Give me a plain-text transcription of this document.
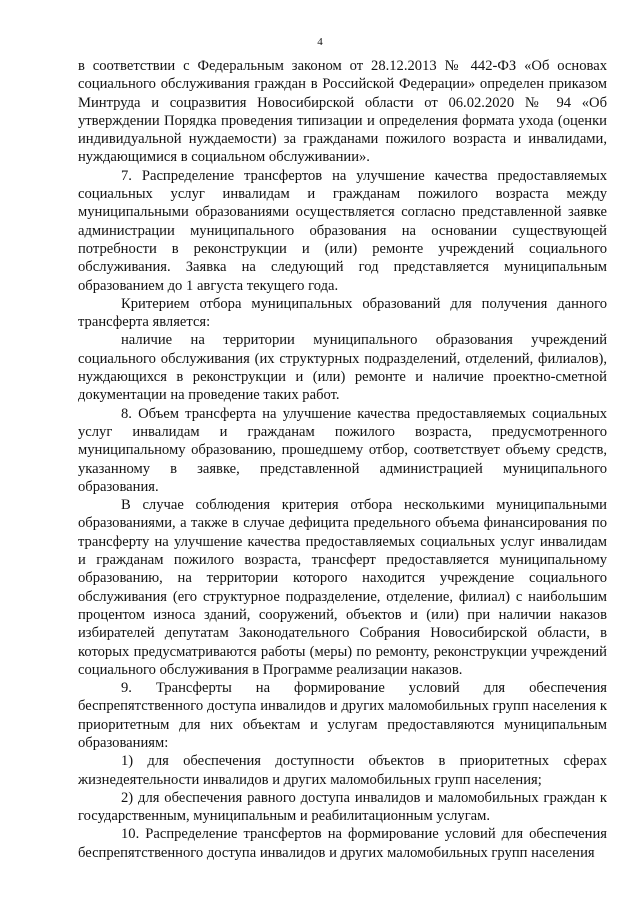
4

в соответствии с Федеральным законом от 28.12.2013 № 442-ФЗ «Об основах социального обслуживания граждан в Российской Федерации» определен приказом Минтруда и соцразвития Новосибирской области от 06.02.2020 № 94 «Об утверждении Порядка проведения типизации и определения формата ухода (оценки индивидуальной нуждаемости) за гражданами пожилого возраста и инвалидами, нуждающимися в социальном обслуживании».

7. Распределение трансфертов на улучшение качества предоставляемых социальных услуг инвалидам и гражданам пожилого возраста между муниципальными образованиями осуществляется согласно представленной заявке администрации муниципального образования на основании существующей потребности в реконструкции и (или) ремонте учреждений социального обслуживания. Заявка на следующий год представляется муниципальным образованием до 1 августа текущего года.

Критерием отбора муниципальных образований для получения данного трансферта является:

наличие на территории муниципального образования учреждений социального обслуживания (их структурных подразделений, отделений, филиалов), нуждающихся в реконструкции и (или) ремонте и наличие проектно-сметной документации на проведение таких работ.

8. Объем трансферта на улучшение качества предоставляемых социальных услуг инвалидам и гражданам пожилого возраста, предусмотренного муниципальному образованию, прошедшему отбор, соответствует объему средств, указанному в заявке, представленной администрацией муниципального образования.

В случае соблюдения критерия отбора несколькими муниципальными образованиями, а также в случае дефицита предельного объема финансирования по трансферту на улучшение качества предоставляемых социальных услуг инвалидам и гражданам пожилого возраста, трансферт предоставляется муниципальному образованию, на территории которого находится учреждение социального обслуживания (его структурное подразделение, отделение, филиал) с наибольшим процентом износа зданий, сооружений, объектов и (или) при наличии наказов избирателей депутатам Законодательного Собрания Новосибирской области, в которых предусматриваются работы (меры) по ремонту, реконструкции учреждений социального обслуживания в Программе реализации наказов.

9. Трансферты на формирование условий для обеспечения беспрепятственного доступа инвалидов и других маломобильных групп населения к приоритетным для них объектам и услугам предоставляются муниципальным образованиям:

1) для обеспечения доступности объектов в приоритетных сферах жизнедеятельности инвалидов и других маломобильных групп населения;

2) для обеспечения равного доступа инвалидов и маломобильных граждан к государственным, муниципальным и реабилитационным услугам.

10. Распределение трансфертов на формирование условий для обеспечения беспрепятственного доступа инвалидов и других маломобильных групп населения
